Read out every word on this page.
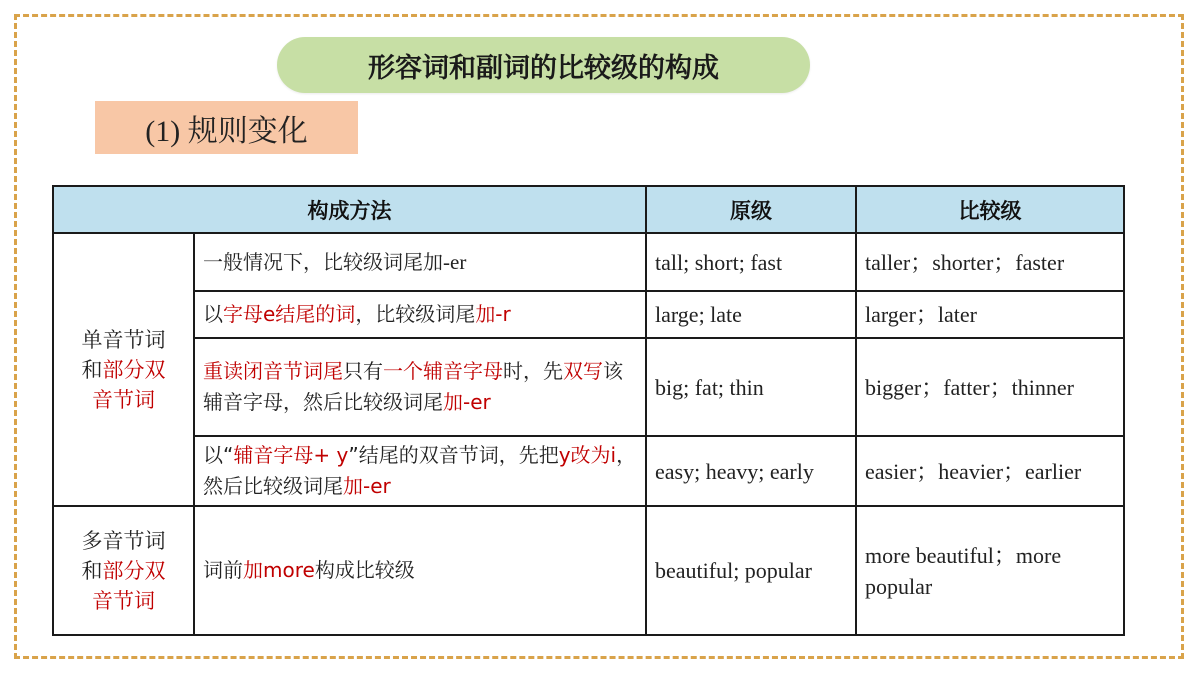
形容词和副词的比较级的构成
(1) 规则变化
构成方法		原级	比较级
单音节词
和部分双
音节词	一般情况下，比较级词尾加-er	tall; short; fast	taller；shorter；faster
	以字母e结尾的词，比较级词尾加-r	large; late	larger；later
	重读闭音节词尾只有一个辅音字母时，先双写该辅音字母，然后比较级词尾加-er	big; fat; thin	bigger；fatter；thinner
	以“辅音字母+ y”结尾的双音节词，先把y改为i，然后比较级词尾加-er	easy; heavy; early	easier；heavier；earlier
多音节词
和部分双
音节词	词前加more构成比较级	beautiful; popular	more beautiful；more popular
